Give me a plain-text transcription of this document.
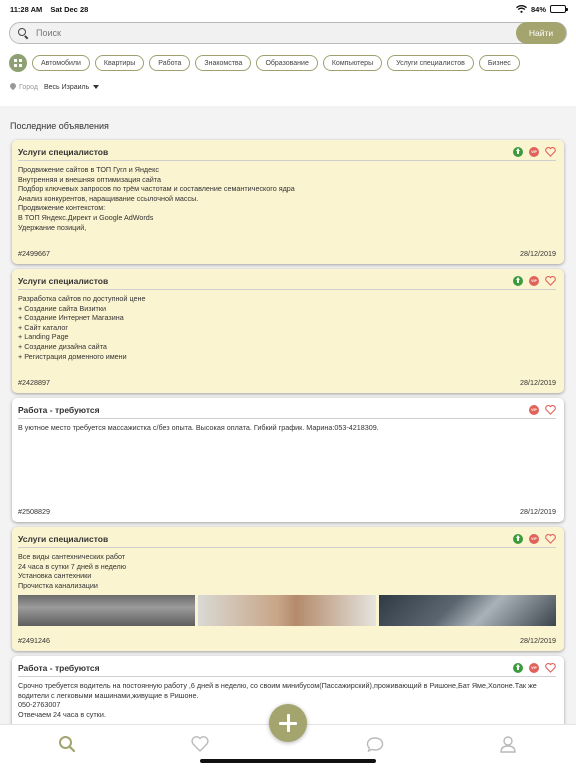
11:28 AM Sat Dec 28	84%
Поиск
Найти
Автомобили	Квартиры	Работа	Знакомства	Образование	Компьютеры	Услуги специалистов	Бизнес
Город Весь Израиль
Последние объявления
Услуги специалистов	VIP
Продвижение сайтов в ТОП Гугл и Яндекс
Внутренняя и внешняя оптимизация сайта
Подбор ключевых запросов по трём частотам и составление семантического ядра
Анализ конкурентов, наращивание ссылочной массы.
Продвижение контекстом:
В ТОП Яндекс.Директ и Google AdWords
Удержание позиций,
#2499667	28/12/2019
Услуги специалистов	VIP
Разработка сайтов по доступной цене
+ Создание сайта Визитки
+ Создание Интернет Магазина
+ Сайт каталог
+ Landing Page
+ Создание дизайна сайта
+ Регистрация доменного имени
#2428897	28/12/2019
Работа - требуются	VIP
В уютное место требуется массажистка с/без опыта. Высокая оплата. Гибкий график. Марина:053-4218309.
#2508829	28/12/2019
Услуги специалистов	VIP
Все виды сантехнических работ
24 часа в сутки 7 дней в неделю
Установка сантехники
Прочистка канализации
#2491246	28/12/2019
Работа - требуются	VIP
Срочно требуется водитель на постоянную работу ,6 дней в неделю, со своим минибусом(Пассажирский),проживающий в Ришоне,Бат Яме,Холоне.Так же водители с легковыми машинами,живущие в Ришоне.
050-2763007
Отвечаем 24 часа в сутки.
